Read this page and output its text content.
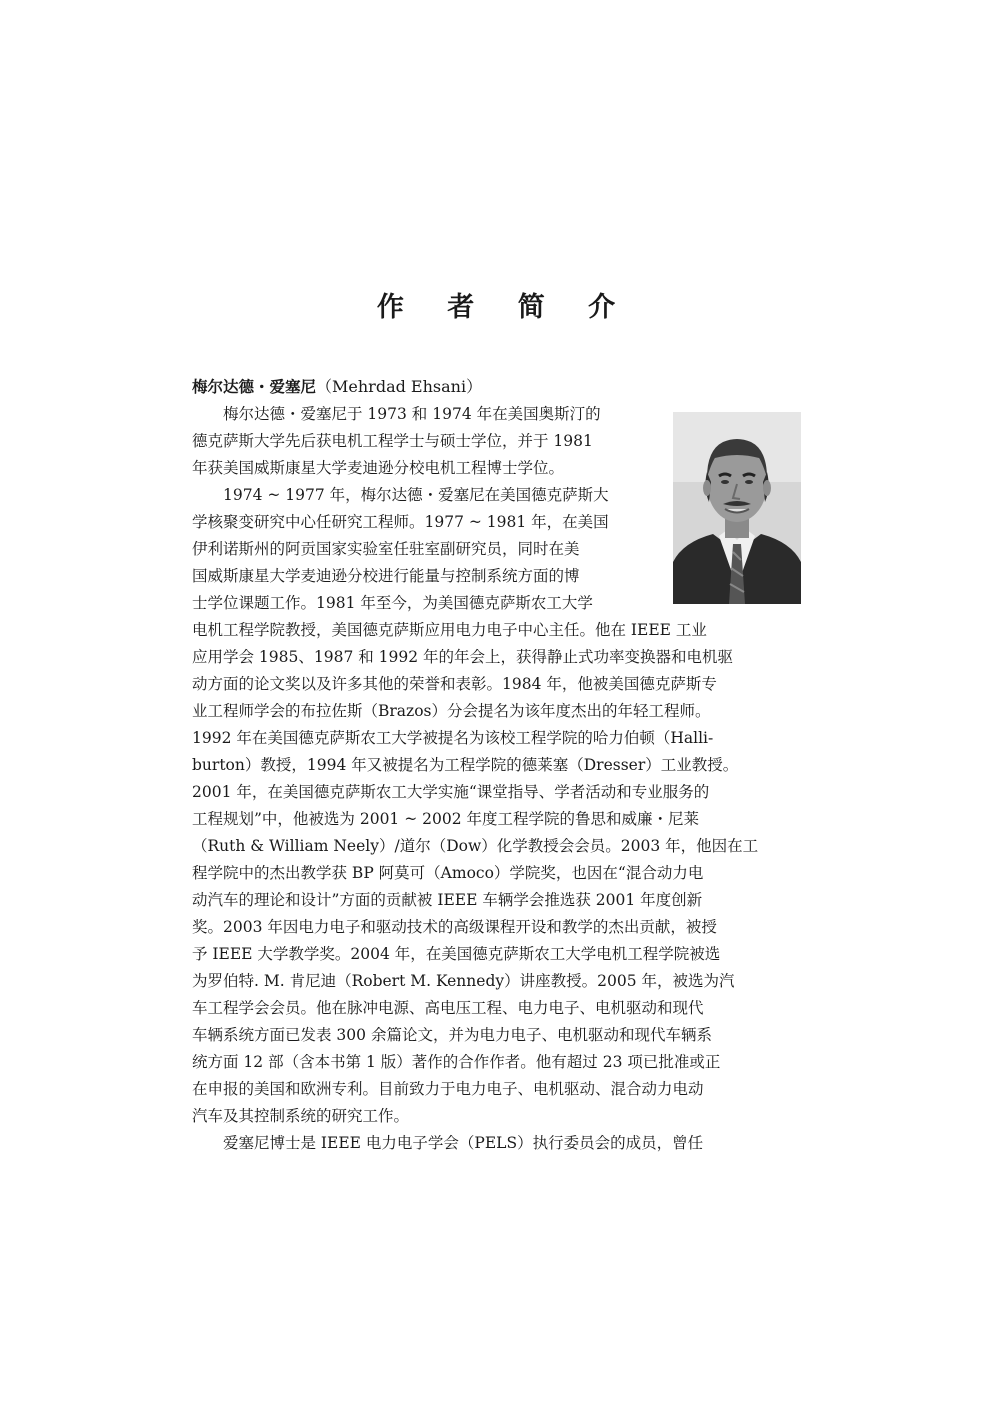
作 者 简 介
梅尔达德・爱塞尼（Mehrdad Ehsani）
　　梅尔达德・爱塞尼于 1973 和 1974 年在美国奥斯汀的
德克萨斯大学先后获电机工程学士与硕士学位，并于 1981
年获美国威斯康星大学麦迪逊分校电机工程博士学位。
　　1974 ~ 1977 年，梅尔达德・爱塞尼在美国德克萨斯大
学核聚变研究中心任研究工程师。1977 ~ 1981 年，在美国
伊利诺斯州的阿贡国家实验室任驻室副研究员，同时在美
国威斯康星大学麦迪逊分校进行能量与控制系统方面的博
士学位课题工作。1981 年至今，为美国德克萨斯农工大学
电机工程学院教授，美国德克萨斯应用电力电子中心主任。他在 IEEE 工业
应用学会 1985、1987 和 1992 年的年会上，获得静止式功率变换器和电机驱
动方面的论文奖以及许多其他的荣誉和表彰。1984 年，他被美国德克萨斯专
业工程师学会的布拉佐斯（Brazos）分会提名为该年度杰出的年轻工程师。
1992 年在美国德克萨斯农工大学被提名为该校工程学院的哈力伯顿（Halli-
burton）教授，1994 年又被提名为工程学院的德莱塞（Dresser）工业教授。
2001 年，在美国德克萨斯农工大学实施“课堂指导、学者活动和专业服务的
工程规划”中，他被选为 2001 ~ 2002 年度工程学院的鲁思和威廉・尼莱
（Ruth & William Neely）/道尔（Dow）化学教授会会员。2003 年，他因在工
程学院中的杰出教学获 BP 阿莫可（Amoco）学院奖，也因在“混合动力电
动汽车的理论和设计”方面的贡献被 IEEE 车辆学会推选获 2001 年度创新
奖。2003 年因电力电子和驱动技术的高级课程开设和教学的杰出贡献，被授
予 IEEE 大学教学奖。2004 年，在美国德克萨斯农工大学电机工程学院被选
为罗伯特. M. 肯尼迪（Robert M. Kennedy）讲座教授。2005 年，被选为汽
车工程学会会员。他在脉冲电源、高电压工程、电力电子、电机驱动和现代
车辆系统方面已发表 300 余篇论文，并为电力电子、电机驱动和现代车辆系
统方面 12 部（含本书第 1 版）著作的合作作者。他有超过 23 项已批准或正
在申报的美国和欧洲专利。目前致力于电力电子、电机驱动、混合动力电动
汽车及其控制系统的研究工作。
　　爱塞尼博士是 IEEE 电力电子学会（PELS）执行委员会的成员，曾任
